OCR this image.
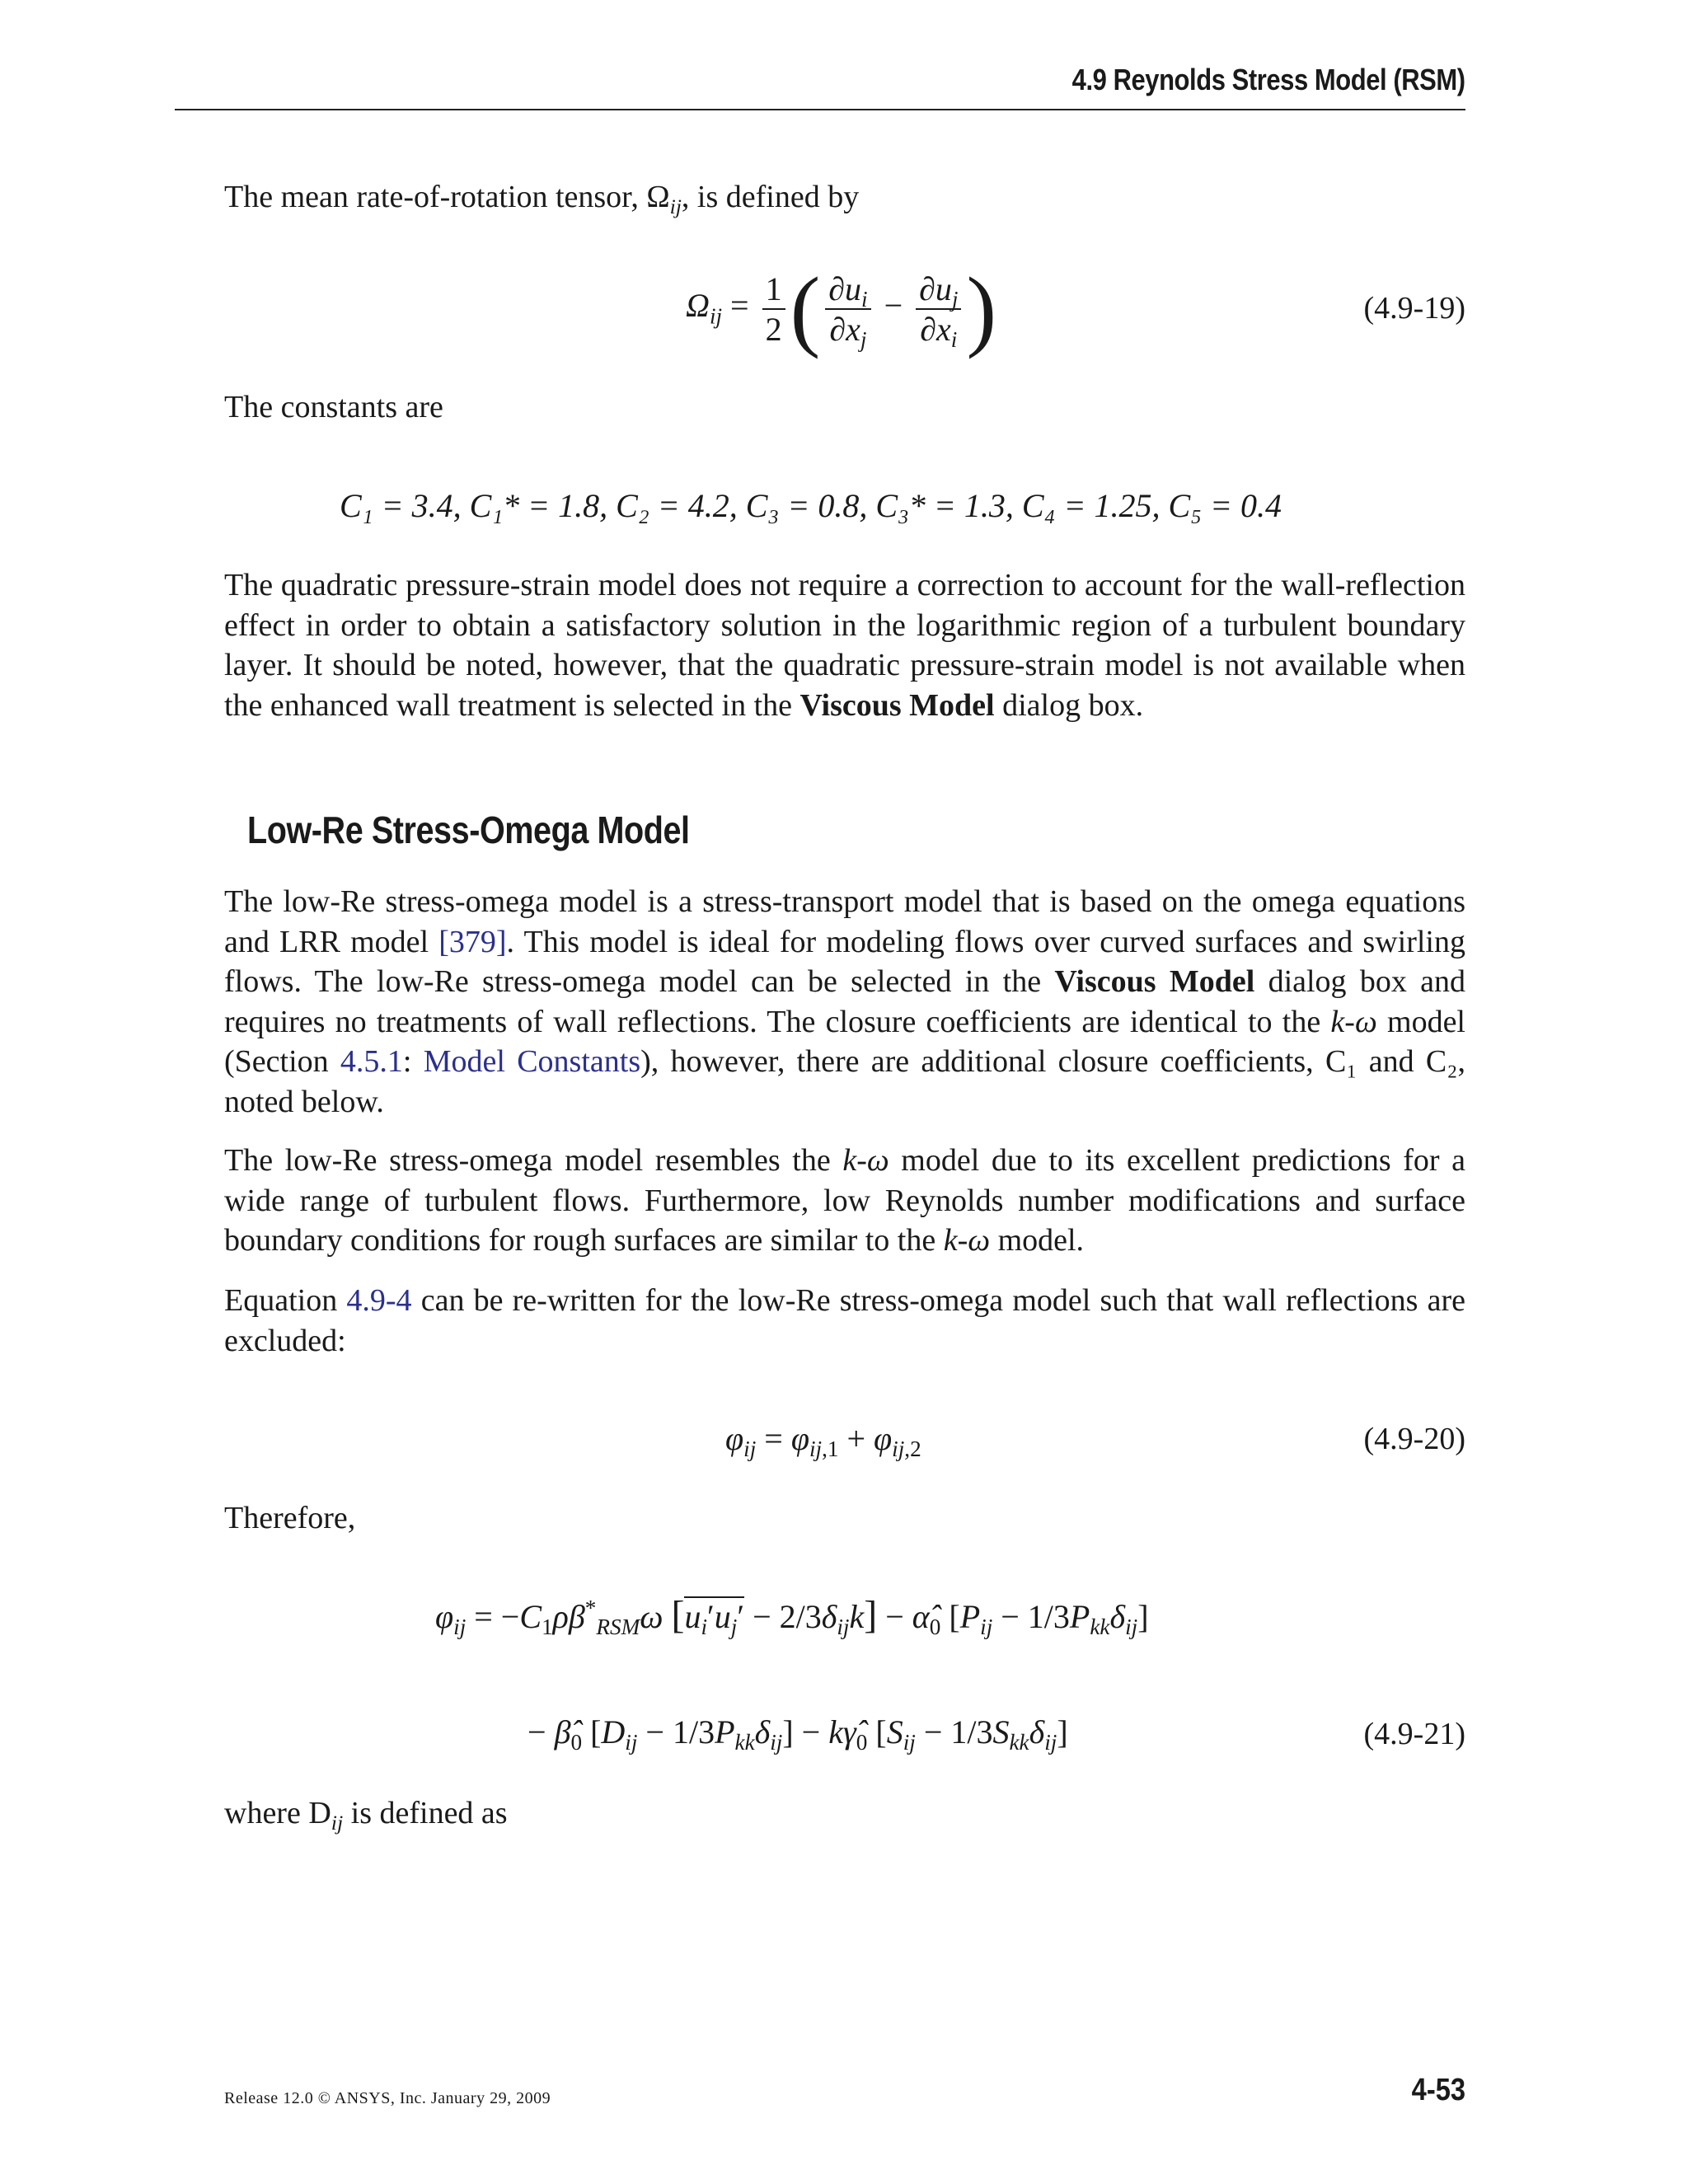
4.9 Reynolds Stress Model (RSM)

The mean rate-of-rotation tensor, $\Omega_{ij}$, is defined by

$\Omega_{ij} = \frac{1}{2}$ ( $\frac{\partial u_i}{\partial x_j} - \frac{\partial u_j}{\partial x_i}$ )	(4.9-19)

The constants are

C₁ = 3.4, C₁* = 1.8, C₂ = 4.2, C₃ = 0.8, C₃* = 1.3, C₄ = 1.25, C₅ = 0.4

The quadratic pressure-strain model does not require a correction to account for the wall-reflection effect in order to obtain a satisfactory solution in the logarithmic region of a turbulent boundary layer. It should be noted, however, that the quadratic pressure-strain model is not available when the enhanced wall treatment is selected in the Viscous Model dialog box.

Low-Re Stress-Omega Model

The low-Re stress-omega model is a stress-transport model that is based on the omega equations and LRR model [379]. This model is ideal for modeling flows over curved surfaces and swirling flows. The low-Re stress-omega model can be selected in the Viscous Model dialog box and requires no treatments of wall reflections. The closure coefficients are identical to the k-ω model (Section 4.5.1: Model Constants), however, there are additional closure coefficients, C₁ and C₂, noted below.

The low-Re stress-omega model resembles the k-ω model due to its excellent predictions for a wide range of turbulent flows. Furthermore, low Reynolds number modifications and surface boundary conditions for rough surfaces are similar to the k-ω model.

Equation 4.9-4 can be re-written for the low-Re stress-omega model such that wall reflections are excluded:

$\varphi_{ij} = \varphi_{ij,1} + \varphi_{ij,2}$	(4.9-20)

Therefore,

$\varphi_{ij} = -C_1\rho\beta^*_{RSM}\omega$ $[u_i'u_j' - 2/3\delta_{ij}k]$ − $\alphâ_0$ $[P_{ij} - 1/3P_{kk}\delta_{ij}]$
− $\betâ_0$ $[D_{ij} - 1/3P_{kk}\delta_{ij}]$ − $k\gammâ_0$ $[S_{ij} - 1/3S_{kk}\delta_{ij}]$	(4.9-21)

where $D_{ij}$ is defined as

Release 12.0 © ANSYS, Inc. January 29, 2009	4-53
